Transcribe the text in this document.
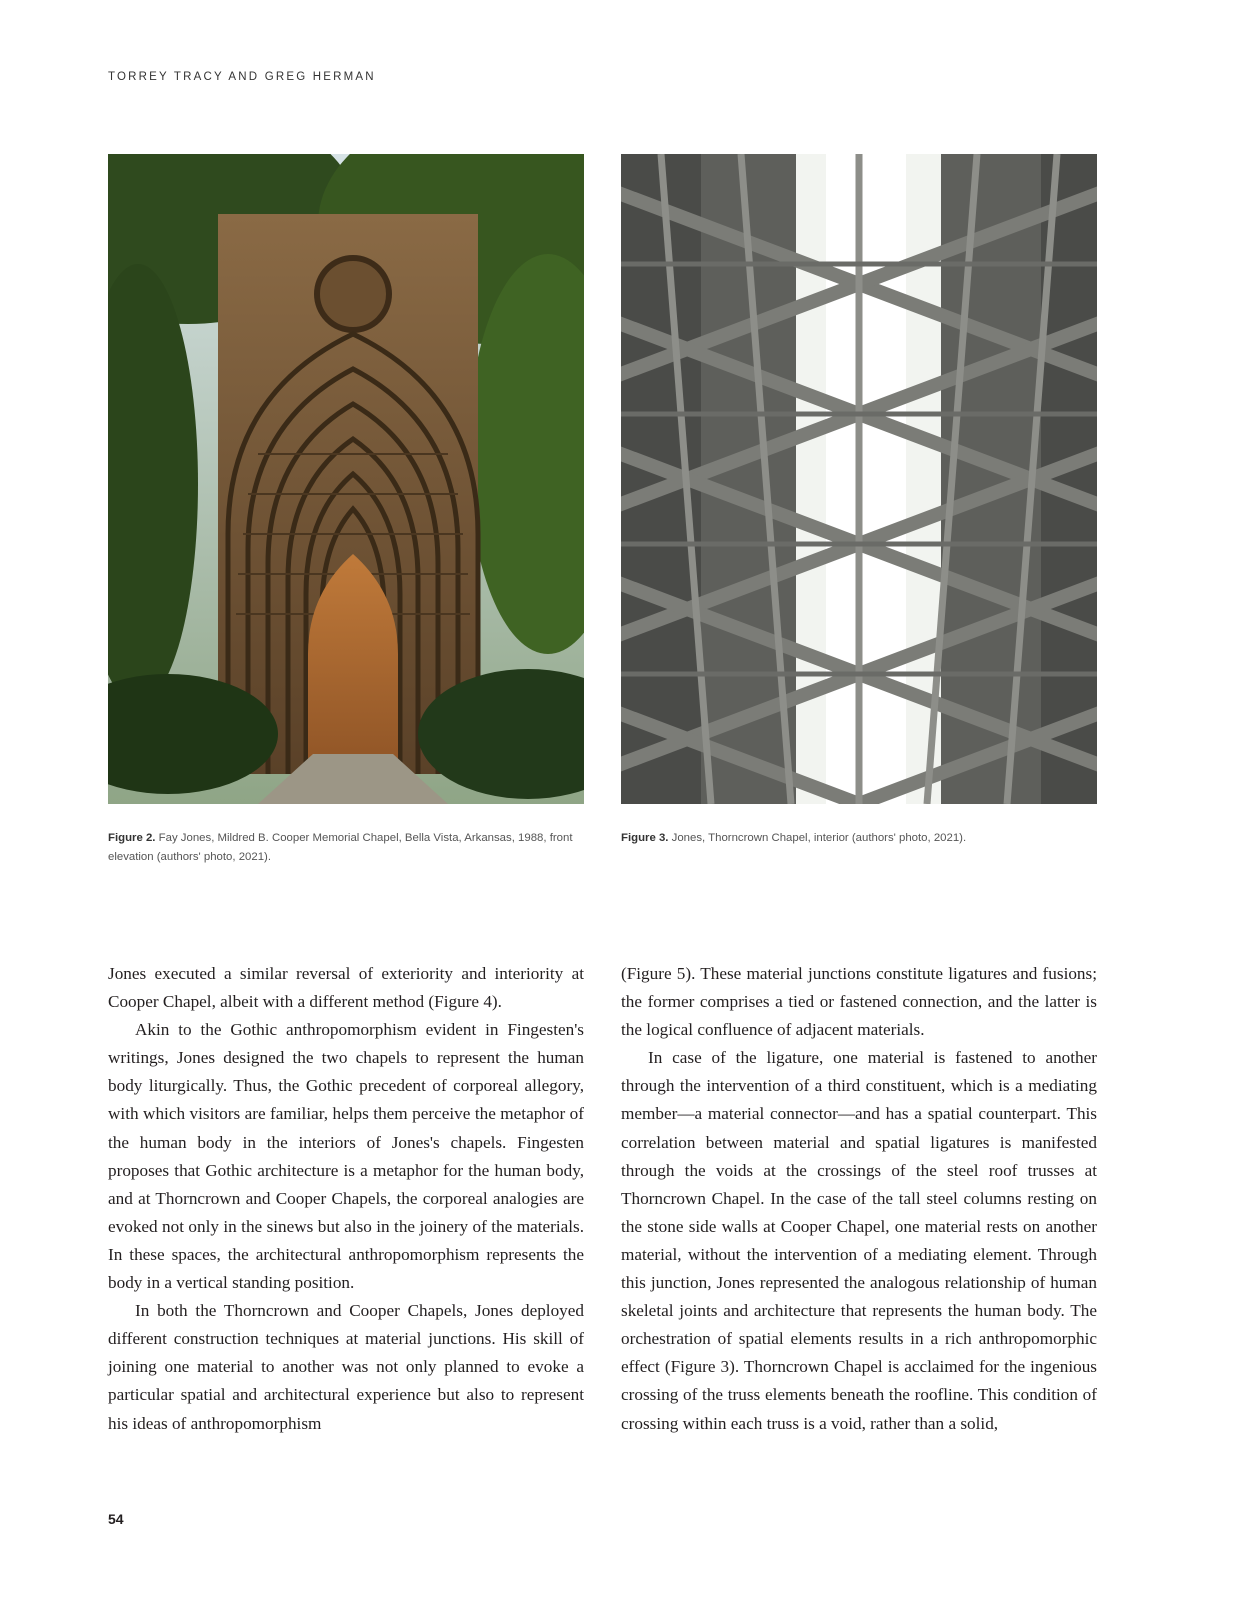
TORREY TRACY AND GREG HERMAN
Figure 2. Fay Jones, Mildred B. Cooper Memorial Chapel, Bella Vista, Arkansas, 1988, front elevation (authors' photo, 2021).
Figure 3. Jones, Thorncrown Chapel, interior (authors' photo, 2021).

Jones executed a similar reversal of exteriority and interiority at Cooper Chapel, albeit with a different method (Figure 4).

Akin to the Gothic anthropomorphism evident in Fingesten's writings, Jones designed the two chapels to represent the human body liturgically. Thus, the Gothic precedent of corporeal allegory, with which visitors are familiar, helps them perceive the metaphor of the human body in the interiors of Jones's chapels. Fingesten proposes that Gothic architecture is a metaphor for the human body, and at Thorncrown and Cooper Chapels, the corporeal analogies are evoked not only in the sinews but also in the joinery of the materials. In these spaces, the architectural anthropomorphism represents the body in a vertical standing position.

In both the Thorncrown and Cooper Chapels, Jones deployed different construction techniques at material junctions. His skill of joining one material to another was not only planned to evoke a particular spatial and architectural experience but also to represent his ideas of anthropomorphism

(Figure 5). These material junctions constitute ligatures and fusions; the former comprises a tied or fastened connection, and the latter is the logical confluence of adjacent materials.

In case of the ligature, one material is fastened to another through the intervention of a third constituent, which is a mediating member—a material connector—and has a spatial counterpart. This correlation between material and spatial ligatures is manifested through the voids at the crossings of the steel roof trusses at Thorncrown Chapel. In the case of the tall steel columns resting on the stone side walls at Cooper Chapel, one material rests on another material, without the intervention of a mediating element. Through this junction, Jones represented the analogous relationship of human skeletal joints and architecture that represents the human body. The orchestration of spatial elements results in a rich anthropomorphic effect (Figure 3). Thorncrown Chapel is acclaimed for the ingenious crossing of the truss elements beneath the roofline. This condition of crossing within each truss is a void, rather than a solid,

54
